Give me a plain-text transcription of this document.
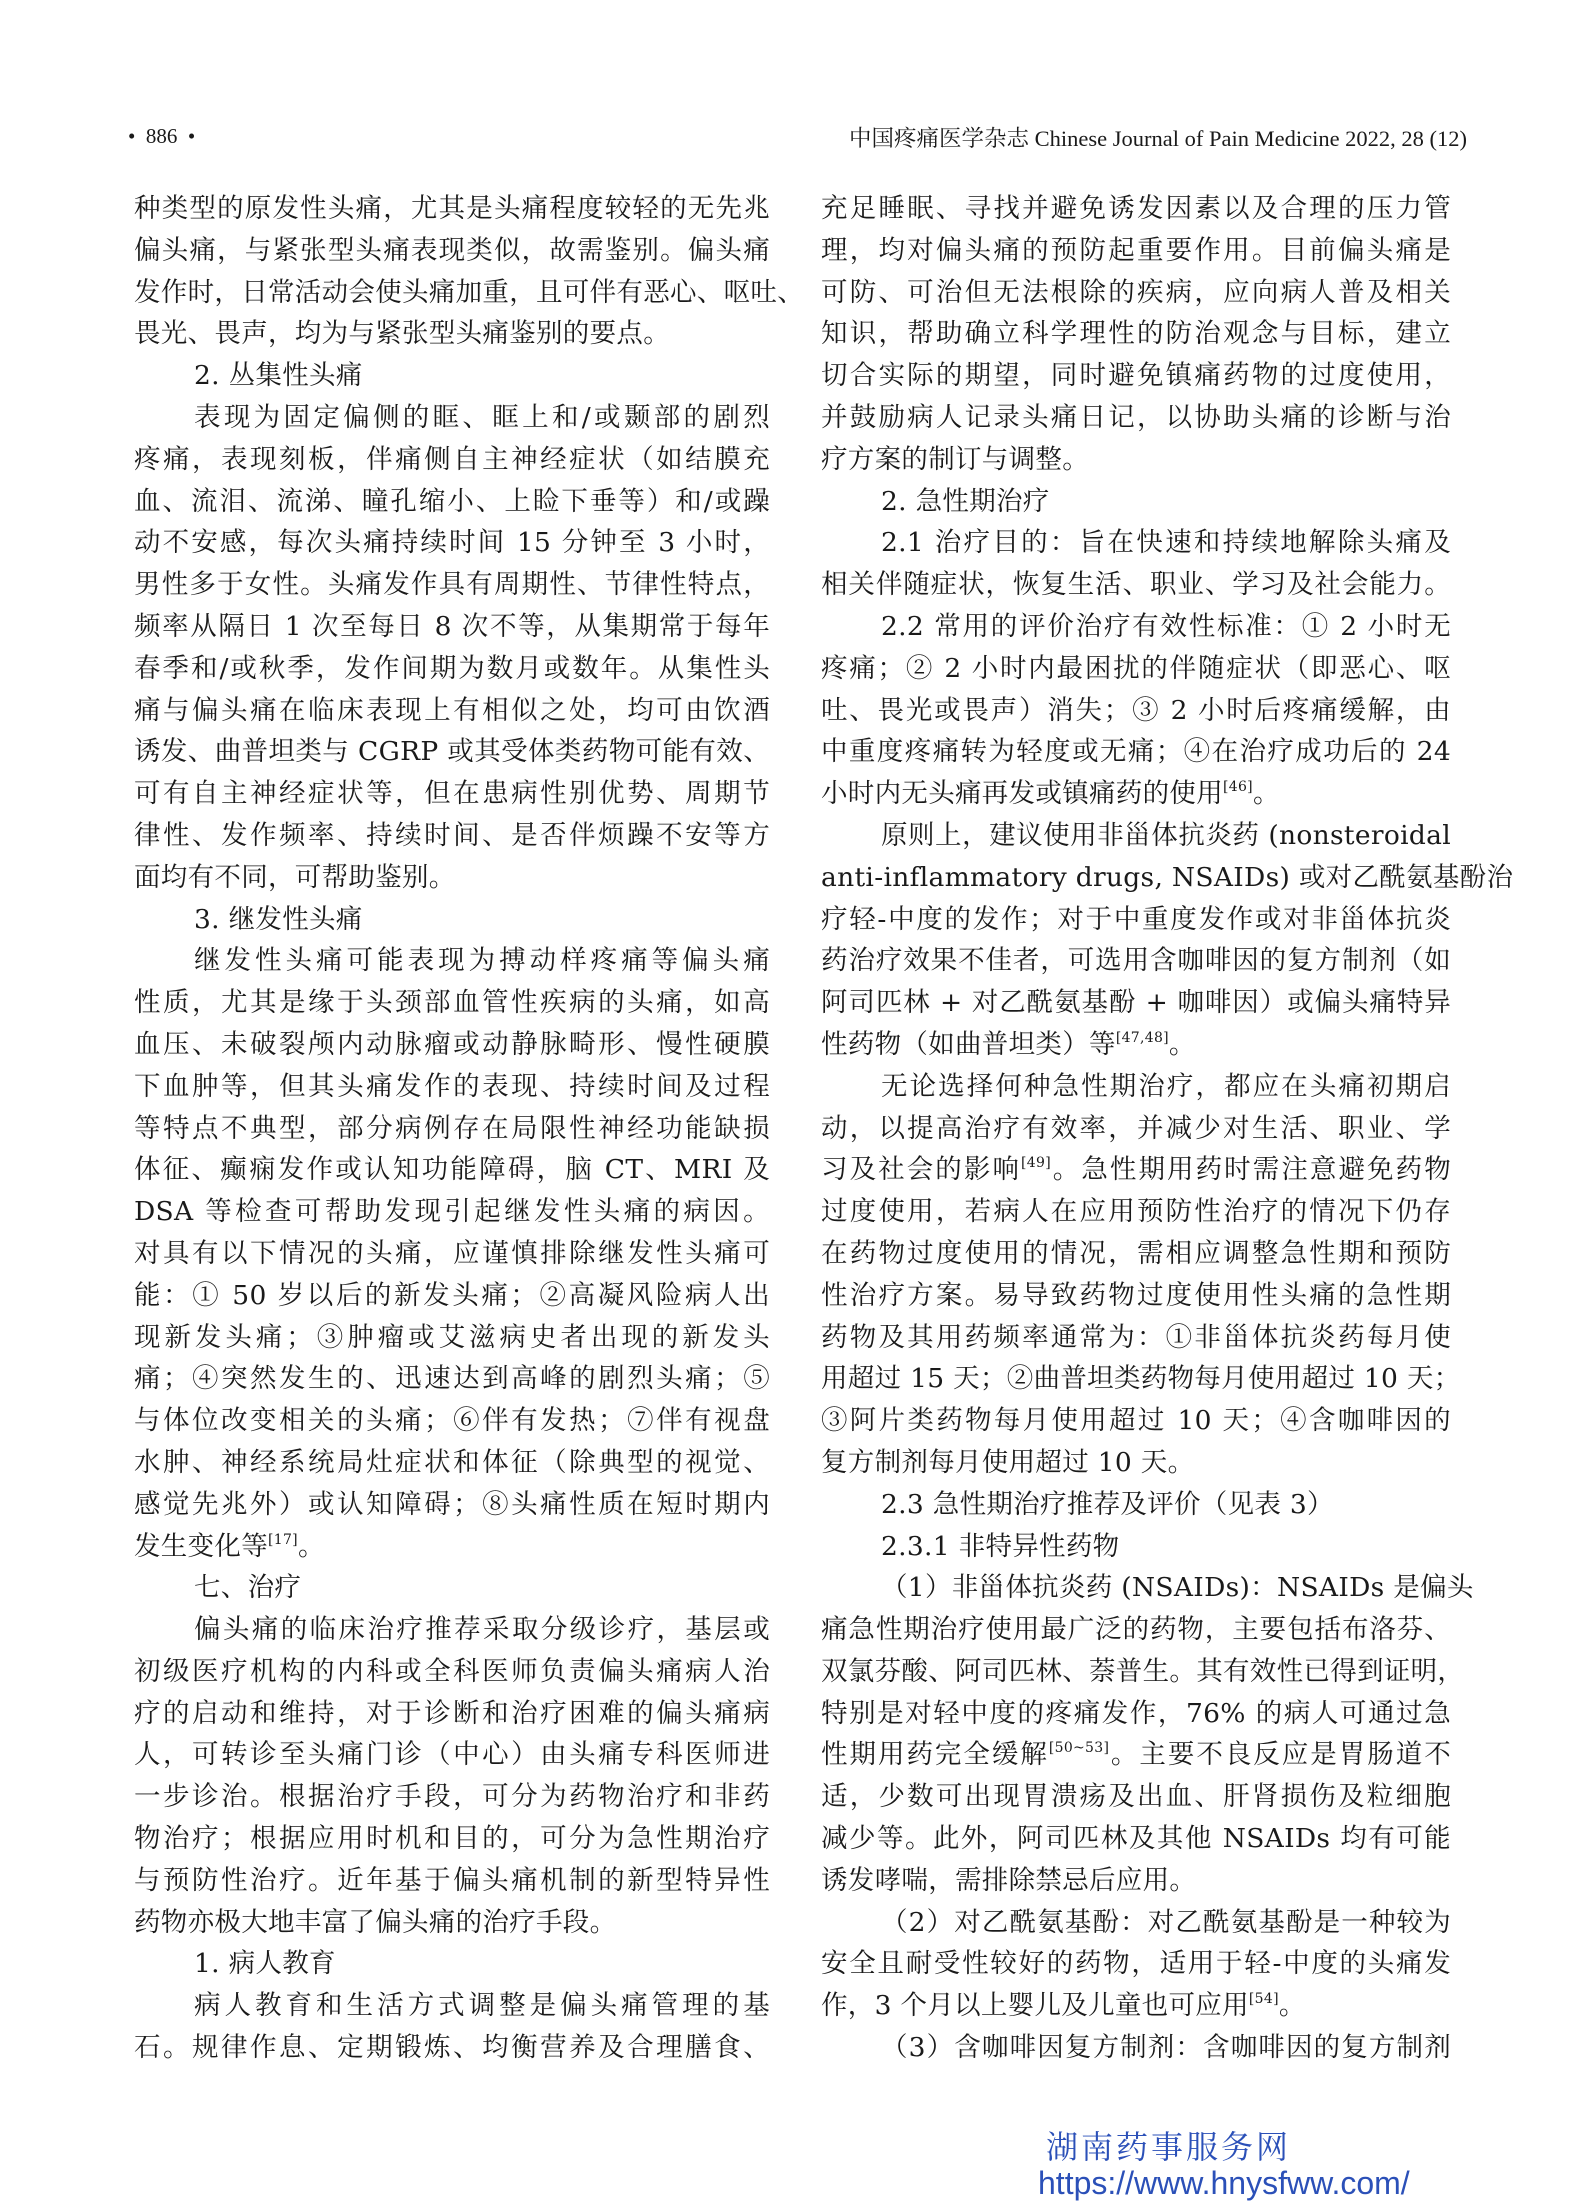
•  886  •	中国疼痛医学杂志 Chinese Journal of Pain Medicine 2022, 28 (12)
种类型的原发性头痛，尤其是头痛程度较轻的无先兆
偏头痛，与紧张型头痛表现类似，故需鉴别。偏头痛
发作时，日常活动会使头痛加重，且可伴有恶心、呕吐、
畏光、畏声，均为与紧张型头痛鉴别的要点。
2. 丛集性头痛
表现为固定偏侧的眶、眶上和/或颞部的剧烈
疼痛，表现刻板，伴痛侧自主神经症状（如结膜充
血、流泪、流涕、瞳孔缩小、上睑下垂等）和/或躁
动不安感，每次头痛持续时间 15 分钟至 3 小时，
男性多于女性。头痛发作具有周期性、节律性特点，
频率从隔日 1 次至每日 8 次不等，从集期常于每年
春季和/或秋季，发作间期为数月或数年。从集性头
痛与偏头痛在临床表现上有相似之处，均可由饮酒
诱发、曲普坦类与 CGRP 或其受体类药物可能有效、
可有自主神经症状等，但在患病性别优势、周期节
律性、发作频率、持续时间、是否伴烦躁不安等方
面均有不同，可帮助鉴别。
3. 继发性头痛
继发性头痛可能表现为搏动样疼痛等偏头痛
性质，尤其是缘于头颈部血管性疾病的头痛，如高
血压、未破裂颅内动脉瘤或动静脉畸形、慢性硬膜
下血肿等，但其头痛发作的表现、持续时间及过程
等特点不典型，部分病例存在局限性神经功能缺损
体征、癫痫发作或认知功能障碍，脑 CT、MRI 及
DSA 等检查可帮助发现引起继发性头痛的病因。
对具有以下情况的头痛，应谨慎排除继发性头痛可
能：① 50 岁以后的新发头痛；②高凝风险病人出
现新发头痛；③肿瘤或艾滋病史者出现的新发头
痛；④突然发生的、迅速达到高峰的剧烈头痛；⑤
与体位改变相关的头痛；⑥伴有发热；⑦伴有视盘
水肿、神经系统局灶症状和体征（除典型的视觉、
感觉先兆外）或认知障碍；⑧头痛性质在短时期内
发生变化等[17]。
七、治疗
偏头痛的临床治疗推荐采取分级诊疗，基层或
初级医疗机构的内科或全科医师负责偏头痛病人治
疗的启动和维持，对于诊断和治疗困难的偏头痛病
人，可转诊至头痛门诊（中心）由头痛专科医师进
一步诊治。根据治疗手段，可分为药物治疗和非药
物治疗；根据应用时机和目的，可分为急性期治疗
与预防性治疗。近年基于偏头痛机制的新型特异性
药物亦极大地丰富了偏头痛的治疗手段。
1. 病人教育
病人教育和生活方式调整是偏头痛管理的基
石。规律作息、定期锻炼、均衡营养及合理膳食、
充足睡眠、寻找并避免诱发因素以及合理的压力管
理，均对偏头痛的预防起重要作用。目前偏头痛是
可防、可治但无法根除的疾病，应向病人普及相关
知识，帮助确立科学理性的防治观念与目标，建立
切合实际的期望，同时避免镇痛药物的过度使用，
并鼓励病人记录头痛日记，以协助头痛的诊断与治
疗方案的制订与调整。
2. 急性期治疗
2.1 治疗目的：旨在快速和持续地解除头痛及
相关伴随症状，恢复生活、职业、学习及社会能力。
2.2 常用的评价治疗有效性标准：① 2 小时无
疼痛；② 2 小时内最困扰的伴随症状（即恶心、呕
吐、畏光或畏声）消失；③ 2 小时后疼痛缓解，由
中重度疼痛转为轻度或无痛；④在治疗成功后的 24
小时内无头痛再发或镇痛药的使用[46]。
原则上，建议使用非甾体抗炎药 (nonsteroidal
anti-inflammatory drugs, NSAIDs) 或对乙酰氨基酚治
疗轻-中度的发作；对于中重度发作或对非甾体抗炎
药治疗效果不佳者，可选用含咖啡因的复方制剂（如
阿司匹林 + 对乙酰氨基酚 + 咖啡因）或偏头痛特异
性药物（如曲普坦类）等[47,48]。
无论选择何种急性期治疗，都应在头痛初期启
动，以提高治疗有效率，并减少对生活、职业、学
习及社会的影响[49]。急性期用药时需注意避免药物
过度使用，若病人在应用预防性治疗的情况下仍存
在药物过度使用的情况，需相应调整急性期和预防
性治疗方案。易导致药物过度使用性头痛的急性期
药物及其用药频率通常为：①非甾体抗炎药每月使
用超过 15 天；②曲普坦类药物每月使用超过 10 天；
③阿片类药物每月使用超过 10 天；④含咖啡因的
复方制剂每月使用超过 10 天。
2.3 急性期治疗推荐及评价（见表 3）
2.3.1 非特异性药物
（1）非甾体抗炎药 (NSAIDs)：NSAIDs 是偏头
痛急性期治疗使用最广泛的药物，主要包括布洛芬、
双氯芬酸、阿司匹林、萘普生。其有效性已得到证明，
特别是对轻中度的疼痛发作，76% 的病人可通过急
性期用药完全缓解[50~53]。主要不良反应是胃肠道不
适，少数可出现胃溃疡及出血、肝肾损伤及粒细胞
减少等。此外，阿司匹林及其他 NSAIDs 均有可能
诱发哮喘，需排除禁忌后应用。
（2）对乙酰氨基酚：对乙酰氨基酚是一种较为
安全且耐受性较好的药物，适用于轻-中度的头痛发
作，3 个月以上婴儿及儿童也可应用[54]。
（3）含咖啡因复方制剂：含咖啡因的复方制剂
湖南药事服务网
https://www.hnysfww.com/
